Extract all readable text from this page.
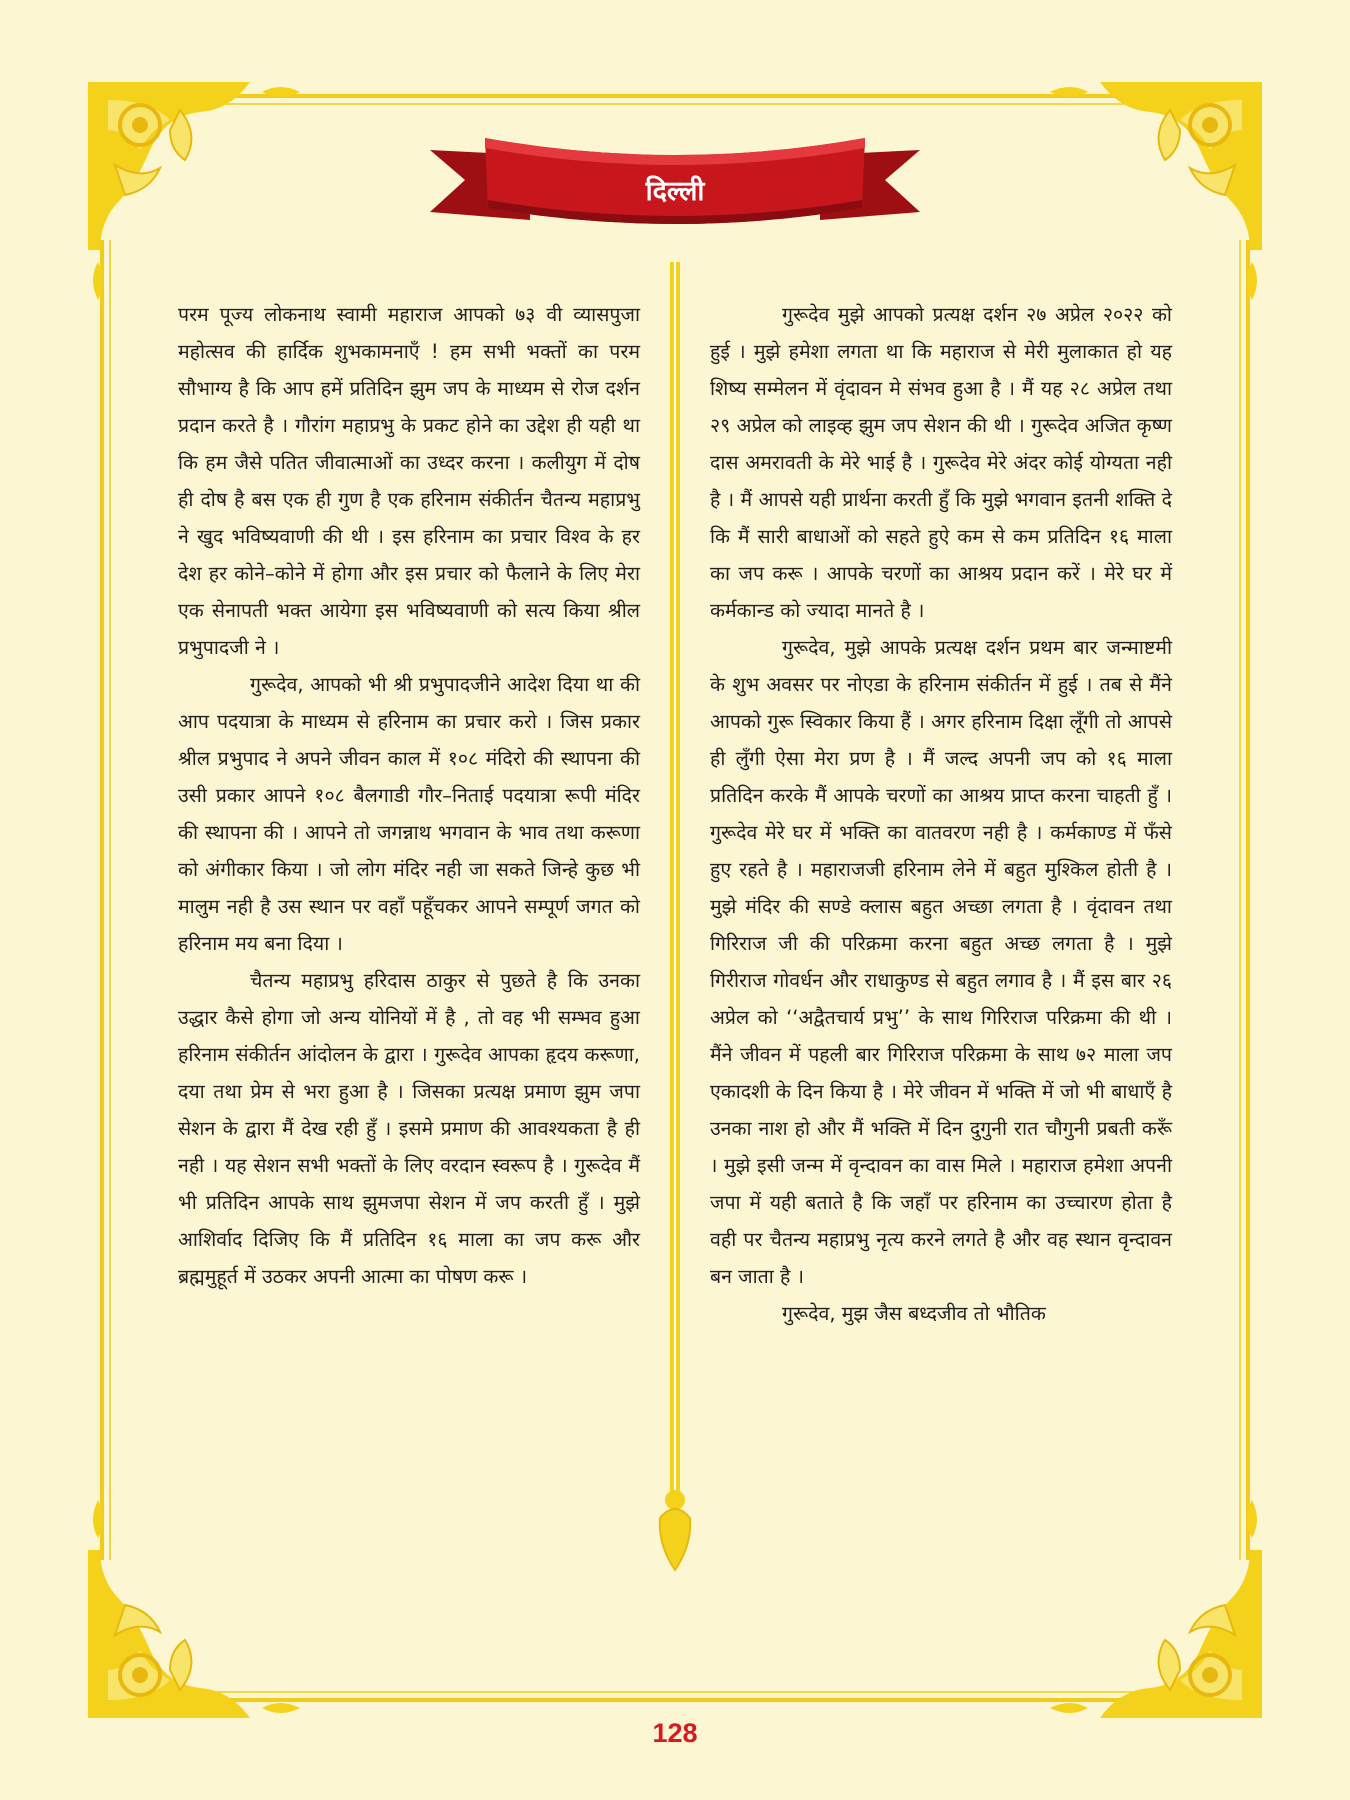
दिल्ली

परम पूज्य लोकनाथ स्वामी महाराज आपको ७३ वी व्यासपुजा महोत्सव की हार्दिक शुभकामनाएँ ! हम सभी भक्तों का परम सौभाग्य है कि आप हमें प्रतिदिन झुम जप के माध्यम से रोज दर्शन प्रदान करते है । गौरांग महाप्रभु के प्रकट होने का उद्देश ही यही था कि हम जैसे पतित जीवात्माओं का उध्दर करना । कलीयुग में दोष ही दोष है बस एक ही गुण है एक हरिनाम संकीर्तन चैतन्य महाप्रभु ने खुद भविष्यवाणी की थी । इस हरिनाम का प्रचार विश्व के हर देश हर कोने–कोने में होगा और इस प्रचार को फैलाने के लिए मेरा एक सेनापती भक्त आयेगा इस भविष्यवाणी को सत्य किया श्रील प्रभुपादजी ने ।

गुरूदेव, आपको भी श्री प्रभुपादजीने आदेश दिया था की आप पदयात्रा के माध्यम से हरिनाम का प्रचार करो । जिस प्रकार श्रील प्रभुपाद ने अपने जीवन काल में १०८ मंदिरो की स्थापना की उसी प्रकार आपने १०८ बैलगाडी गौर–निताई पदयात्रा रूपी मंदिर की स्थापना की । आपने तो जगन्नाथ भगवान के भाव तथा करूणा को अंगीकार किया । जो लोग मंदिर नही जा सकते जिन्हे कुछ भी मालुम नही है उस स्थान पर वहाँ पहूँचकर आपने सम्पूर्ण जगत को हरिनाम मय बना दिया ।

चैतन्य महाप्रभु हरिदास ठाकुर से पुछते है कि उनका उद्धार कैसे होगा जो अन्य योनियों में है , तो वह भी सम्भव हुआ हरिनाम संकीर्तन आंदोलन के द्वारा । गुरूदेव आपका हृदय करूणा, दया तथा प्रेम से भरा हुआ है । जिसका प्रत्यक्ष प्रमाण झुम जपा सेशन के द्वारा मैं देख रही हुँ । इसमे प्रमाण की आवश्यकता है ही नही । यह सेशन सभी भक्तों के लिए वरदान स्वरूप है । गुरूदेव मैं भी प्रतिदिन आपके साथ झुमजपा सेशन में जप करती हुँ । मुझे आशिर्वाद दिजिए कि मैं प्रतिदिन १६ माला का जप करू और ब्रह्ममुहूर्त में उठकर अपनी आत्मा का पोषण करू ।

गुरूदेव मुझे आपको प्रत्यक्ष दर्शन २७ अप्रेल २०२२ को हुई । मुझे हमेशा लगता था कि महाराज से मेरी मुलाकात हो यह शिष्य सम्मेलन में वृंदावन मे संभव हुआ है । मैं यह २८ अप्रेल तथा २९ अप्रेल को लाइव्ह झुम जप सेशन की थी । गुरूदेव अजित कृष्ण दास अमरावती के मेरे भाई है । गुरूदेव मेरे अंदर कोई योग्यता नही है । मैं आपसे यही प्रार्थना करती हुँ कि मुझे भगवान इतनी शक्ति दे कि मैं सारी बाधाओं को सहते हुऐ कम से कम प्रतिदिन १६ माला का जप करू । आपके चरणों का आश्रय प्रदान करें । मेरे घर में कर्मकान्ड को ज्यादा मानते है ।

गुरूदेव, मुझे आपके प्रत्यक्ष दर्शन प्रथम बार जन्माष्टमी के शुभ अवसर पर नोएडा के हरिनाम संकीर्तन में हुई । तब से मैंने आपको गुरू स्विकार किया हैं । अगर हरिनाम दिक्षा लूँगी तो आपसे ही लुँगी ऐसा मेरा प्रण है । मैं जल्द अपनी जप को १६ माला प्रतिदिन करके मैं आपके चरणों का आश्रय प्राप्त करना चाहती हुँ । गुरूदेव मेरे घर में भक्ति का वातवरण नही है । कर्मकाण्ड में फँसे हुए रहते है । महाराजजी हरिनाम लेने में बहुत मुश्किल होती है । मुझे मंदिर की सण्डे क्लास बहुत अच्छा लगता है । वृंदावन तथा गिरिराज जी की परिक्रमा करना बहुत अच्छ लगता है । मुझे गिरीराज गोवर्धन और राधाकुण्ड से बहुत लगाव है । मैं इस बार २६ अप्रेल को ‘‘अद्वैतचार्य प्रभु’’ के साथ गिरिराज परिक्रमा की थी । मैंने जीवन में पहली बार गिरिराज परिक्रमा के साथ ७२ माला जप एकादशी के दिन किया है । मेरे जीवन में भक्ति में जो भी बाधाएँ है उनका नाश हो और मैं भक्ति में दिन दुगुनी रात चौगुनी प्रबती करूँ । मुझे इसी जन्म में वृन्दावन का वास मिले । महाराज हमेशा अपनी जपा में यही बताते है कि जहाँ पर हरिनाम का उच्चारण होता है वही पर चैतन्य महाप्रभु नृत्य करने लगते है और वह स्थान वृन्दावन बन जाता है ।

गुरूदेव, मुझ जैस बध्दजीव तो भौतिक

128
